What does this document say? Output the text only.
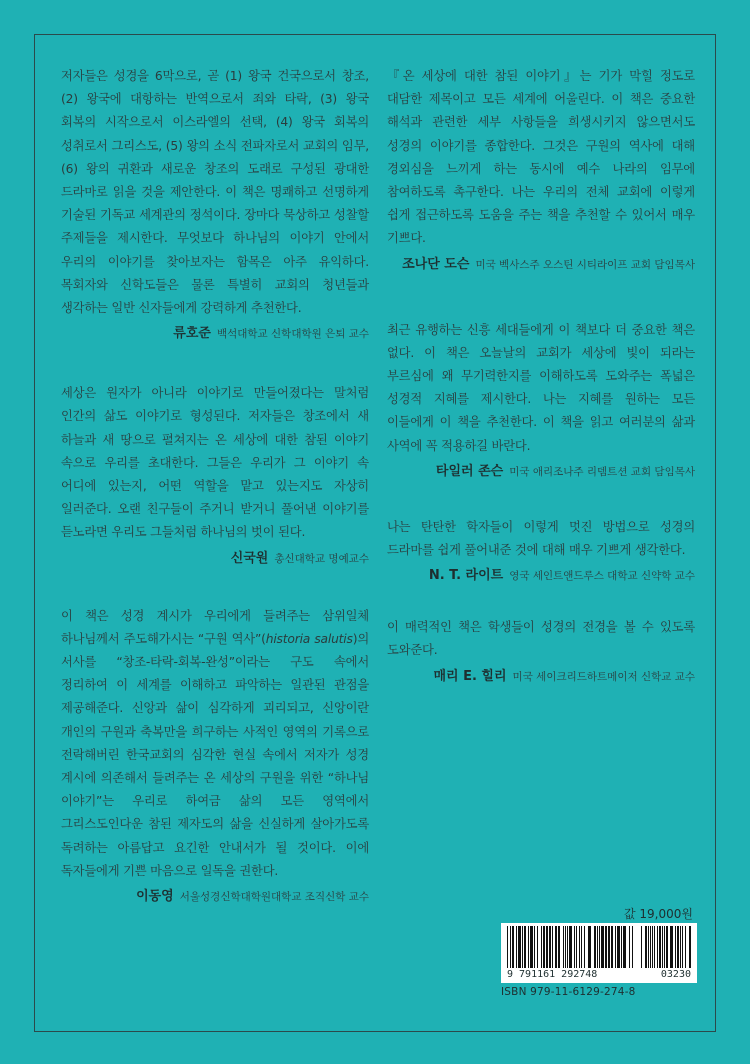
저자들은 성경을 6막으로, 곧 (1) 왕국 건국으로서 창조, (2) 왕국에 대항하는 반역으로서 죄와 타락, (3) 왕국 회복의 시작으로서 이스라엘의 선택, (4) 왕국 회복의 성취로서 그리스도, (5) 왕의 소식 전파자로서 교회의 임무, (6) 왕의 귀환과 새로운 창조의 도래로 구성된 광대한 드라마로 읽을 것을 제안한다. 이 책은 명쾌하고 선명하게 기술된 기독교 세계관의 정석이다. 장마다 묵상하고 성찰할 주제들을 제시한다. 무엇보다 하나님의 이야기 안에서 우리의 이야기를 찾아보자는 함목은 아주 유익하다. 목회자와 신학도들은 물론 특별히 교회의 청년들과 생각하는 일반 신자들에게 강력하게 추천한다.

류호준 백석대학교 신학대학원 은퇴 교수

세상은 원자가 아니라 이야기로 만들어졌다는 말처럼 인간의 삶도 이야기로 형성된다. 저자들은 창조에서 새 하늘과 새 땅으로 펼쳐지는 온 세상에 대한 참된 이야기 속으로 우리를 초대한다. 그들은 우리가 그 이야기 속 어디에 있는지, 어떤 역할을 맡고 있는지도 자상히 일러준다. 오랜 친구들이 주거니 받거니 풀어낸 이야기를 듣노라면 우리도 그들처럼 하나님의 벗이 된다.

신국원 총신대학교 명예교수

이 책은 성경 계시가 우리에게 들려주는 삼위일체 하나님께서 주도해가시는 “구원 역사”(historia salutis)의 서사를 “창조-타락-회복-완성”이라는 구도 속에서 정리하여 이 세계를 이해하고 파악하는 일관된 관점을 제공해준다. 신앙과 삶이 심각하게 괴리되고, 신앙이란 개인의 구원과 축복만을 희구하는 사적인 영역의 기록으로 전락해버린 한국교회의 심각한 현실 속에서 저자가 성경 계시에 의존해서 들려주는 온 세상의 구원을 위한 “하나님 이야기”는 우리로 하여금 삶의 모든 영역에서 그리스도인다운 참된 제자도의 삶을 신실하게 살아가도록 독려하는 아름답고 요긴한 안내서가 될 것이다. 이에 독자들에게 기쁜 마음으로 일독을 권한다.

이동영 서울성경신학대학원대학교 조직신학 교수

『온 세상에 대한 참된 이야기』는 기가 막힐 정도로 대담한 제목이고 모든 세계에 어울린다. 이 책은 중요한 해석과 관련한 세부 사항들을 희생시키지 않으면서도 성경의 이야기를 종합한다. 그것은 구원의 역사에 대해 경외심을 느끼게 하는 동시에 예수 나라의 임무에 참여하도록 촉구한다. 나는 우리의 전체 교회에 이렇게 쉽게 접근하도록 도움을 주는 책을 추천할 수 있어서 매우 기쁘다.

조나단 도슨 미국 벡사스주 오스틴 시티라이프 교회 담임목사

최근 유행하는 신흥 세대들에게 이 책보다 더 중요한 책은 없다. 이 책은 오늘날의 교회가 세상에 빛이 되라는 부르심에 왜 무기력한지를 이해하도록 도와주는 폭넓은 성경적 지혜를 제시한다. 나는 지혜를 원하는 모든 이들에게 이 책을 추천한다. 이 책을 읽고 여러분의 삶과 사역에 꼭 적용하길 바란다.

타일러 존슨 미국 애리조나주 리뎀트션 교회 담임목사

나는 탄탄한 학자들이 이렇게 멋진 방법으로 성경의 드라마를 쉽게 풀어내준 것에 대해 매우 기쁘게 생각한다.

N. T. 라이트 영국 세인트앤드루스 대학교 신약학 교수

이 매력적인 책은 학생들이 성경의 전경을 볼 수 있도록 도와준다.

매리 E. 힐리 미국 세이크리드하트메이저 신학교 교수
값 19,000원
9 791161 292748	03230
ISBN 979-11-6129-274-8
